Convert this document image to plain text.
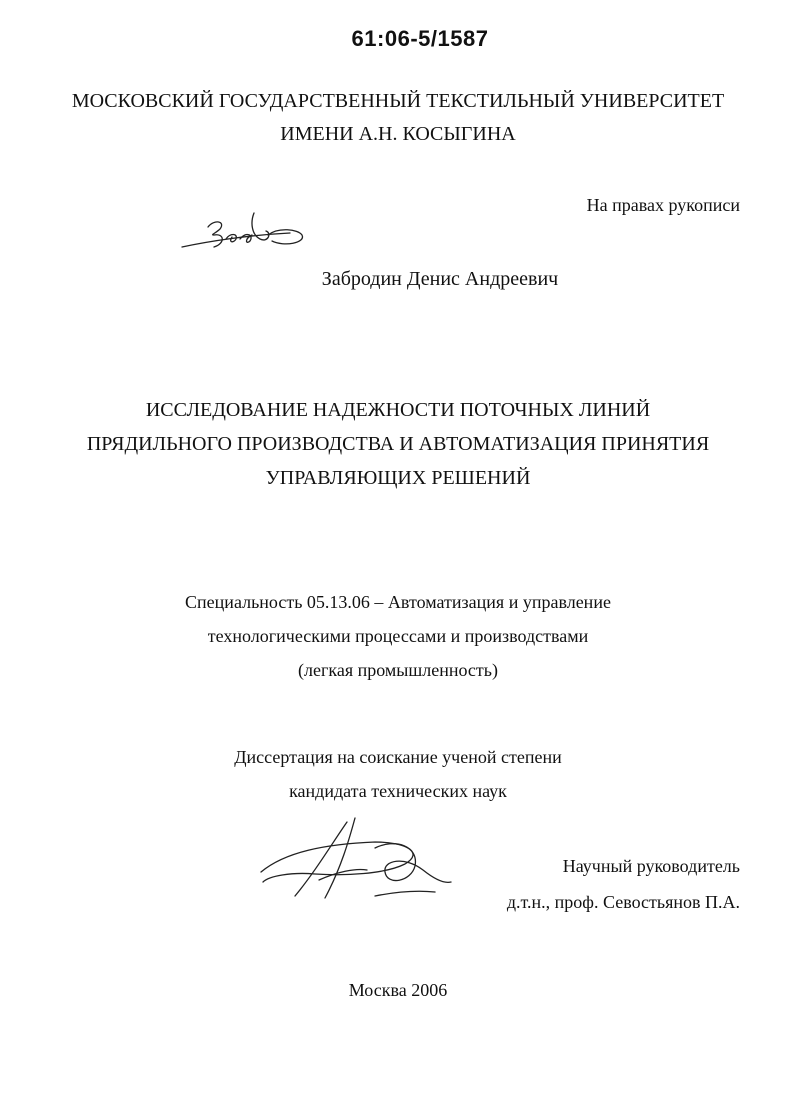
61:06-5/1587
МОСКОВСКИЙ ГОСУДАРСТВЕННЫЙ ТЕКСТИЛЬНЫЙ УНИВЕРСИТЕТ
ИМЕНИ А.Н. КОСЫГИНА
На правах рукописи
Забродин Денис Андреевич
ИССЛЕДОВАНИЕ НАДЕЖНОСТИ ПОТОЧНЫХ ЛИНИЙ
ПРЯДИЛЬНОГО ПРОИЗВОДСТВА И АВТОМАТИЗАЦИЯ ПРИНЯТИЯ
УПРАВЛЯЮЩИХ РЕШЕНИЙ
Специальность 05.13.06 – Автоматизация и управление
технологическими процессами и производствами
(легкая промышленность)
Диссертация на соискание ученой степени
кандидата технических наук
Научный руководитель
д.т.н., проф. Севостьянов П.А.
Москва 2006
